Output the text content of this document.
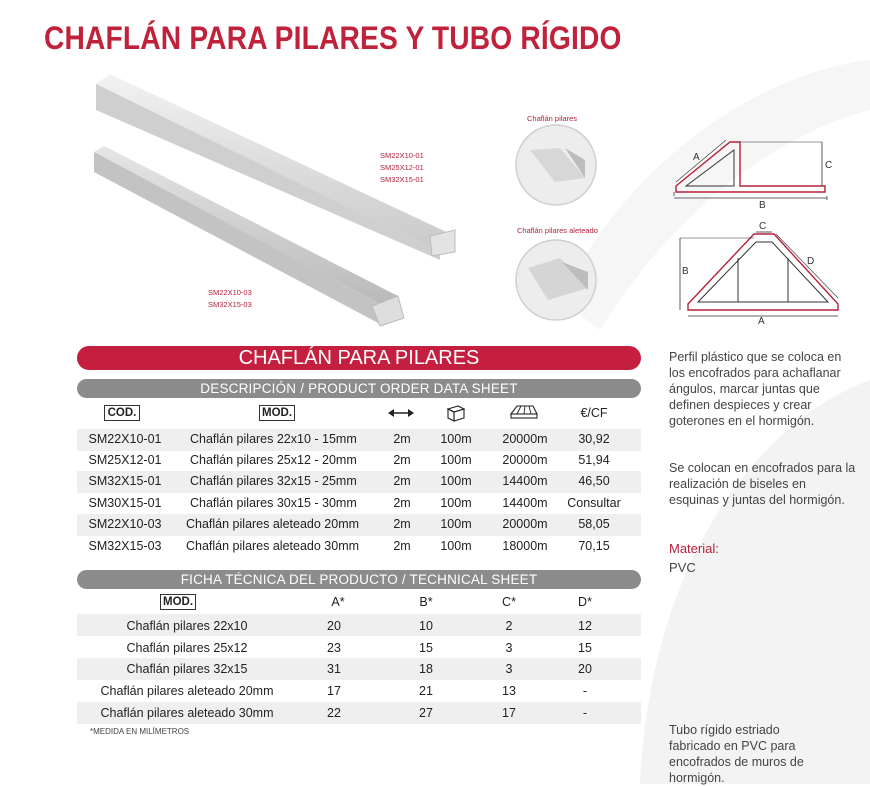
CHAFLÁN PARA PILARES Y TUBO RÍGIDO
SM22X10-01
SM25X12-01
SM32X15-01
SM22X10-03
SM32X15-03
Chaflán pilares
Chaflán pilares aleteado
A
B
C
C
B
D
A
CHAFLÁN PARA PILARES
DESCRIPCIÓN / PRODUCT ORDER DATA SHEET
COD.	MOD.	€/CF
SM22X10-01	Chaflán pilares 22x10 - 15mm	2m	100m	20000m	30,92
SM25X12-01	Chaflán pilares 25x12 - 20mm	2m	100m	20000m	51,94
SM32X15-01	Chaflán pilares 32x15 - 25mm	2m	100m	14400m	46,50
SM30X15-01	Chaflán pilares 30x15 - 30mm	2m	100m	14400m	Consultar
SM22X10-03	Chaflán pilares aleteado 20mm	2m	100m	20000m	58,05
SM32X15-03	Chaflán pilares aleteado 30mm	2m	100m	18000m	70,15
FICHA TÉCNICA DEL PRODUCTO / TECHNICAL SHEET
MOD.	A*	B*	C*	D*
Chaflán pilares 22x10	20	10	2	12
Chaflán pilares 25x12	23	15	3	15
Chaflán pilares 32x15	31	18	3	20
Chaflán pilares aleteado 20mm	17	21	13	-
Chaflán pilares aleteado 30mm	22	27	17	-
*MEDIDA EN MILÍMETROS
Perfil plástico que se coloca en los encofrados para achaflanar ángulos, marcar juntas que definen despieces y crear goterones en el hormigón.
Se colocan en encofrados para la realización de biseles en esquinas y juntas del hormigón.
Material:
PVC
Tubo rígido estriado fabricado en PVC para encofrados de muros de hormigón.
